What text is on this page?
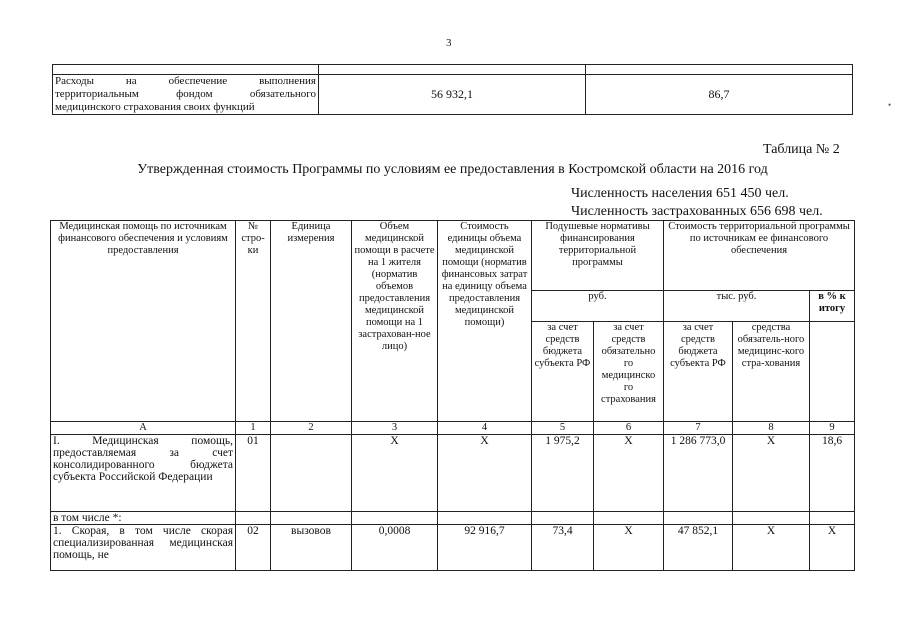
3

Расходы на обеспечение выполнения
территориальным фондом обязательного
медицинского страхования своих функций	56 932,1	86,7
Таблица № 2
Утвержденная стоимость Программы по условиям ее предоставления в Костромской области на 2016 год
Численность населения 651 450 чел.
Численность застрахованных 656 698 чел.
Медицинская помощь по источникам финансового обеспечения и условиям предоставления	№ стро-ки	Единица измерения	Объем медицинской помощи в расчете на 1 жителя (норматив объемов предоставления медицинской помощи на 1 застрахован-ное лицо)	Стоимость единицы объема медицинской помощи (норматив финансовых затрат на единицу объема предоставления медицинской помощи)	Подушевые нормативы финансирования территориальной программы		Стоимость территориальной программы по источникам ее финансового обеспечения		
					руб.		тыс. руб.		в % к итогу
					за счет средств бюджета субъекта РФ	за счет средств обязательно го медицинско го страхования	за счет средств бюджета субъекта РФ	средства обязатель-ного медицинс-кого стра-хования	
А	1	2	3	4	5	6	7	8	9
I. Медицинская помощь, предоставляемая за счет консолидированного бюджета субъекта Российской Федерации	01		X	X	1 975,2	X	1 286 773,0	X	18,6
в том числе *:									
1. Скорая, в том числе скорая специализированная медицинская помощь, не	02	вызовов	0,0008	92 916,7	73,4	X	47 852,1	X	X
•
